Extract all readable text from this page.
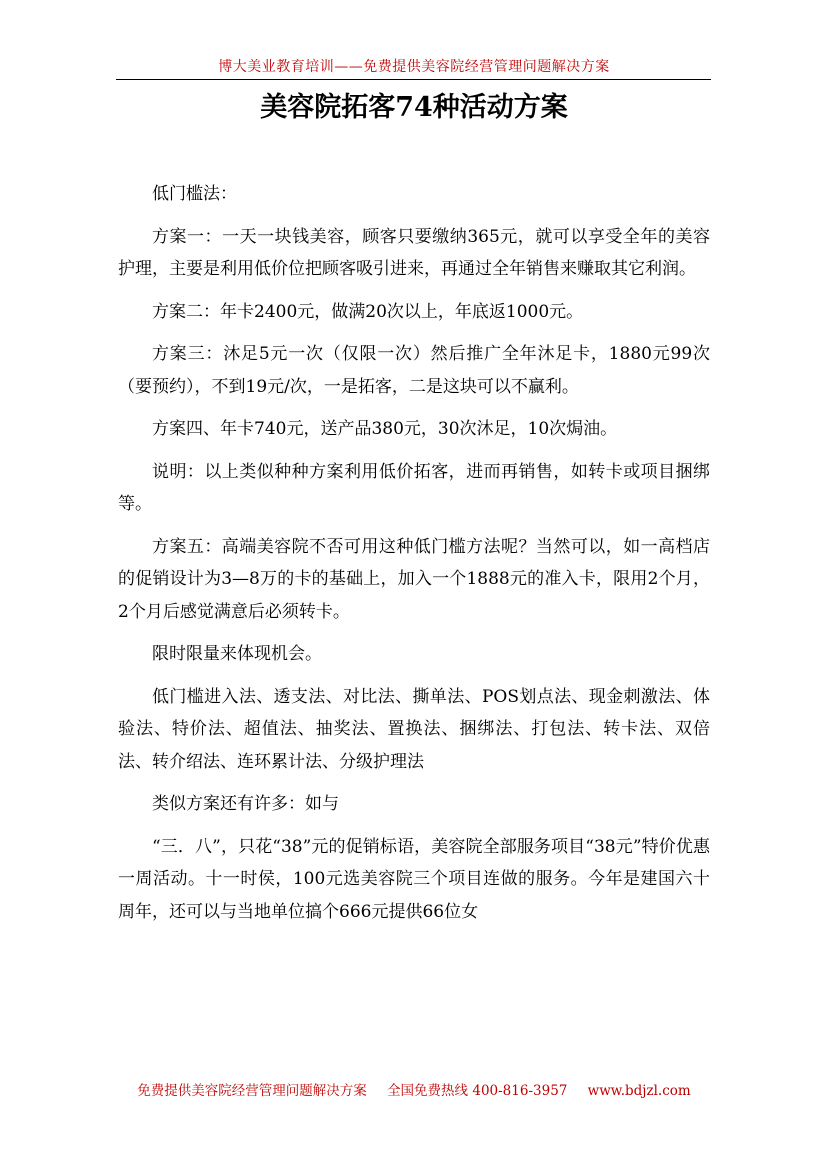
博大美业教育培训——免费提供美容院经营管理问题解决方案
美容院拓客74种活动方案

低门槛法：

方案一：一天一块钱美容，顾客只要缴纳365元，就可以享受全年的美容护理，主要是利用低价位把顾客吸引进来，再通过全年销售来赚取其它利润。

方案二：年卡2400元，做满20次以上，年底返1000元。

方案三：沐足5元一次（仅限一次）然后推广全年沐足卡，1880元99次（要预约），不到19元/次，一是拓客，二是这块可以不赢利。

方案四、年卡740元，送产品380元，30次沐足，10次焗油。

说明：以上类似种种方案利用低价拓客，进而再销售，如转卡或项目捆绑等。

方案五：高端美容院不否可用这种低门槛方法呢？当然可以，如一高档店的促销设计为3—8万的卡的基础上，加入一个1888元的准入卡，限用2个月，2个月后感觉满意后必须转卡。

限时限量来体现机会。

低门槛进入法、透支法、对比法、撕单法、POS划点法、现金刺激法、体验法、特价法、超值法、抽奖法、置换法、捆绑法、打包法、转卡法、双倍法、转介绍法、连环累计法、分级护理法

类似方案还有许多：如与

“三．八”，只花“38”元的促销标语，美容院全部服务项目“38元”特价优惠一周活动。十一时侯，100元选美容院三个项目连做的服务。今年是建国六十周年，还可以与当地单位搞个666元提供66位女

免费提供美容院经营管理问题解决方案 全国免费热线 400-816-3957 www.bdjzl.com
